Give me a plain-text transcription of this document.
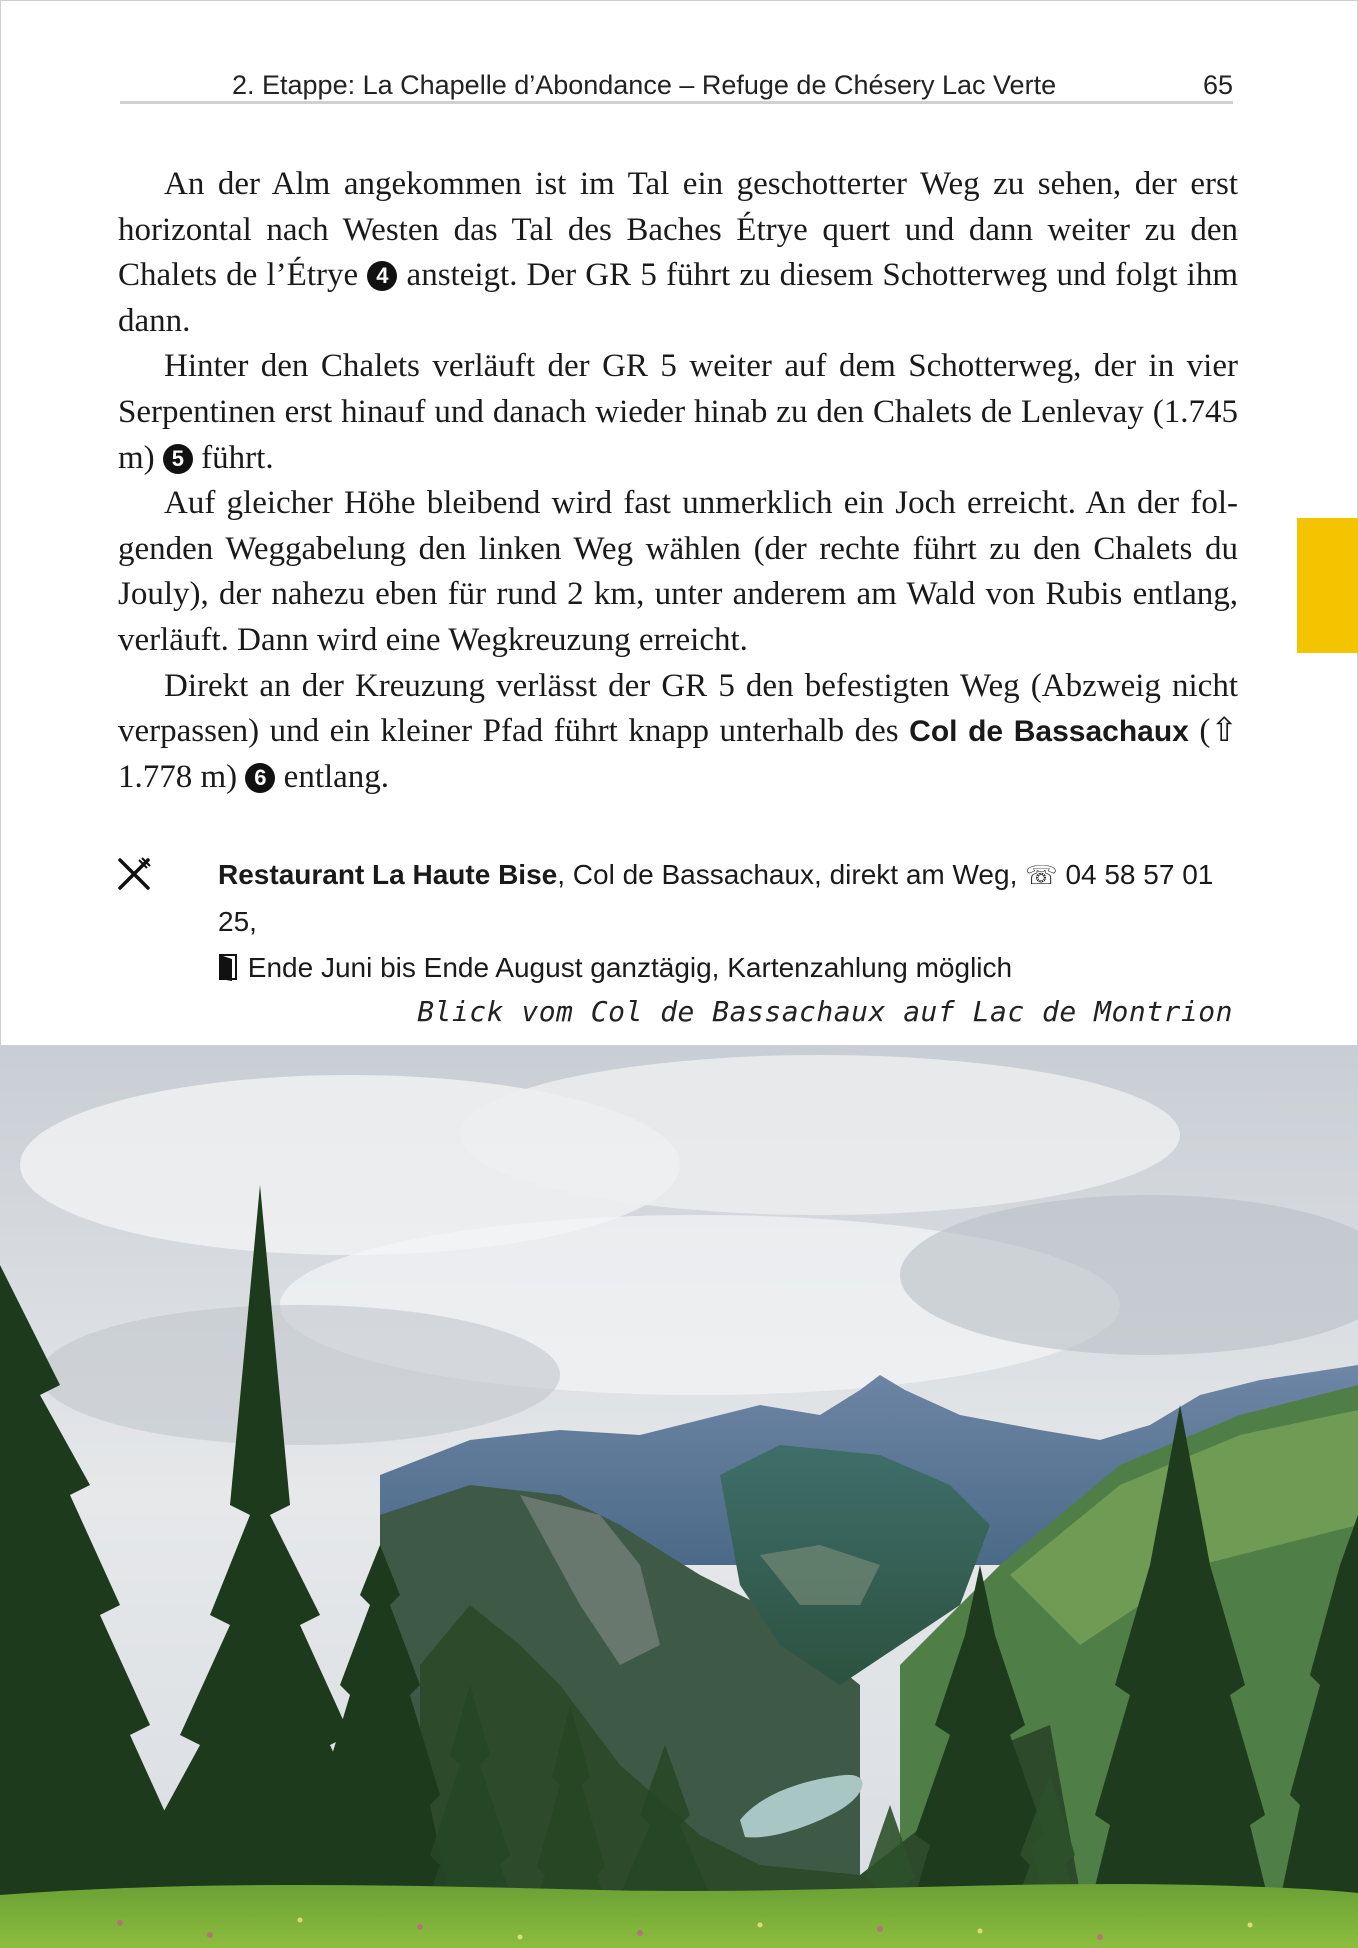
2. Etappe: La Chapelle d’Abondance – Refuge de Chésery Lac Verte	65

An der Alm angekommen ist im Tal ein geschotterter Weg zu sehen, der erst horizontal nach Westen das Tal des Baches Étrye quert und dann weiter zu den Chalets de l’Étrye 4 ansteigt. Der GR 5 führt zu diesem Schotterweg und folgt ihm dann.

Hinter den Chalets verläuft der GR 5 weiter auf dem Schotterweg, der in vier Serpentinen erst hinauf und danach wieder hinab zu den Chalets de Lenlevay (1.745 m) 5 führt.

Auf gleicher Höhe bleibend wird fast unmerklich ein Joch erreicht. An der folgenden Weggabelung den linken Weg wählen (der rechte führt zu den Chalets du Jouly), der nahezu eben für rund 2 km, unter anderem am Wald von Rubis entlang, verläuft. Dann wird eine Wegkreuzung erreicht.

Direkt an der Kreuzung verlässt der GR 5 den befestigten Weg (Abzweig nicht verpassen) und ein kleiner Pfad führt knapp unterhalb des Col de Bassachaux (⇧ 1.778 m) 6 entlang.

Restaurant La Haute Bise, Col de Bassachaux, direkt am Weg, ☏ 04 58 57 01 25,
Ende Juni bis Ende August ganztägig, Kartenzahlung möglich
Blick vom Col de Bassachaux auf Lac de Montrion
